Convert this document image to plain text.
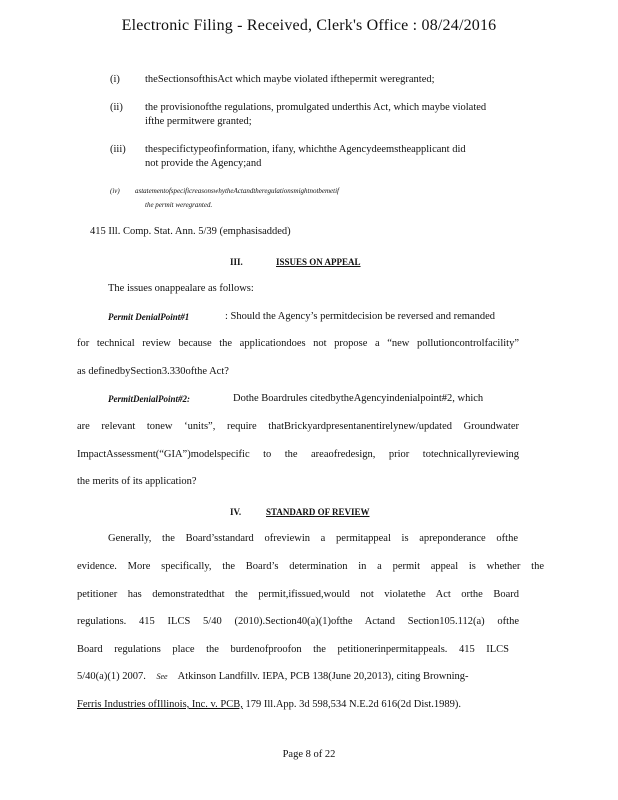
Electronic Filing - Received, Clerk's Office : 08/24/2016
(i) theSectionsofthisAct which maybe violated ifthepermit weregranted;
(ii) the provisionofthe regulations, promulgated underthis Act, which maybe violated
ifthe permitwere granted;
(iii) thespecifictypeofinformation, ifany, whichthe Agencydeemstheapplicant did
not provide the Agency;and
(iv) astatementofspecificreasonswhytheActandtheregulationsmightnotbemetif
the permit weregranted.
415 Ill. Comp. Stat. Ann. 5/39 (emphasisadded)
III.	ISSUES ON APPEAL
The issues onappealare as follows:
Permit DenialPoint#1	: Should the Agency’s permitdecision be reversed and remanded
for technical review because the applicationdoes not propose a “new pollutioncontrolfacility”
as definedbySection3.330ofthe Act?
PermitDenialPoint#2:	Dothe Boardrules citedbytheAgencyindenialpoint#2, which
are relevant tonew ‘units”, require thatBrickyardpresentanentirelynew/updated Groundwater
ImpactAssessment(“GIA”)modelspecific to the areaofredesign, prior totechnicallyreviewing
the merits of its application?
IV.	STANDARD OF REVIEW
Generally, the Board’sstandard ofreviewin a permitappeal is apreponderance ofthe
evidence. More specifically, the Board’s determination in a permit appeal is whether the
petitioner has demonstratedthat the permit,ifissued,would not violatethe Act orthe Board
regulations. 415 ILCS 5/40 (2010).Section40(a)(1)ofthe Actand Section105.112(a) ofthe
Board regulations place the burdenofproofon the petitionerinpermitappeals. 415 ILCS
5/40(a)(1) 2007. See Atkinson Landfillv. IEPA, PCB 138(June 20,2013), citing Browning-
Ferris Industries ofIllinois, Inc. v. PCB, 179 Ill.App. 3d 598,534 N.E.2d 616(2d Dist.1989).
Page 8 of 22
